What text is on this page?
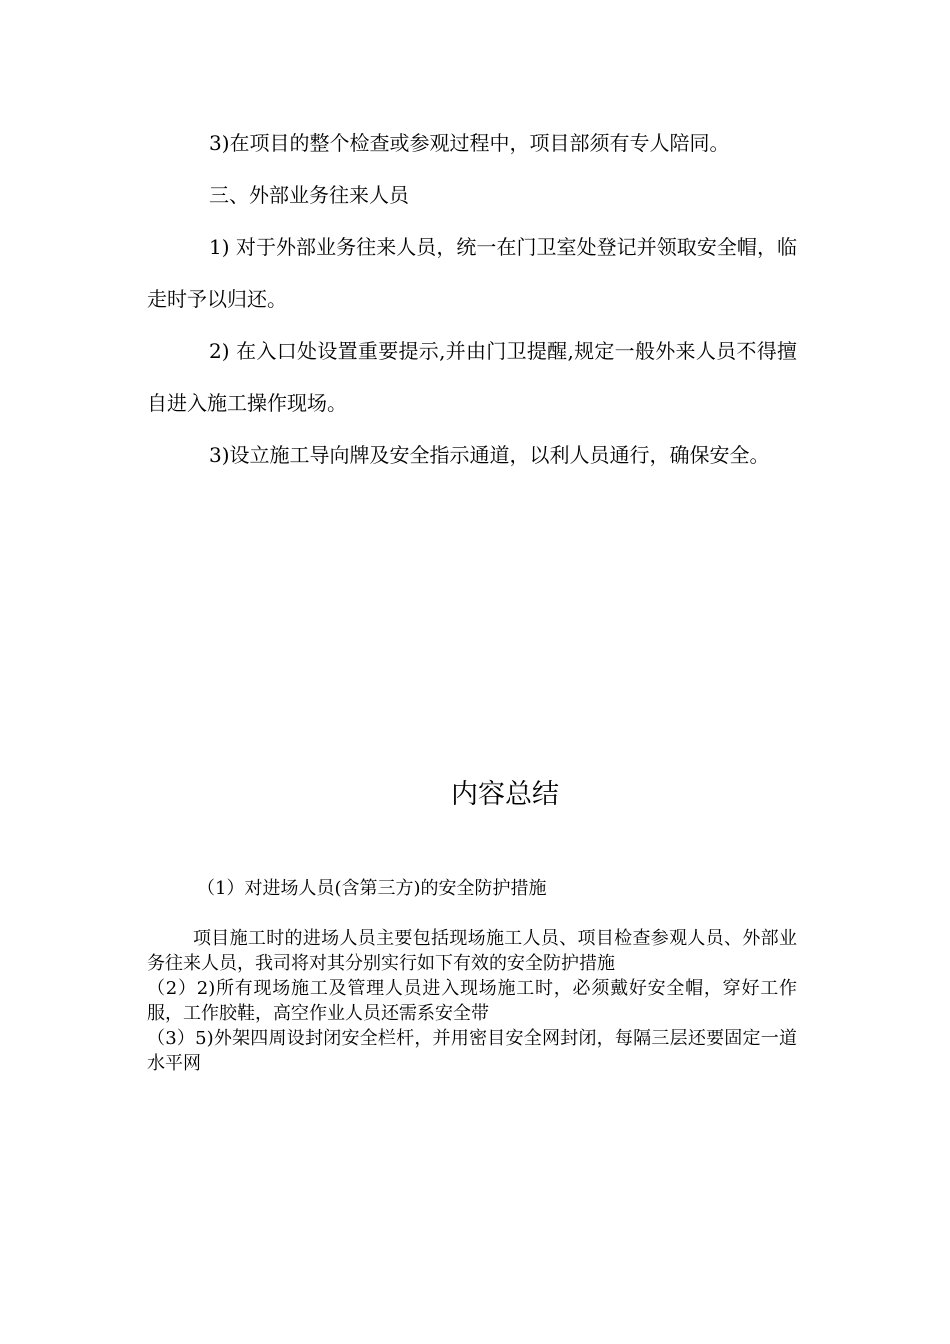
3)在项目的整个检查或参观过程中，项目部须有专人陪同。

三、外部业务往来人员

1) 对于外部业务往来人员，统一在门卫室处登记并领取安全帽，临走时予以归还。

2) 在入口处设置重要提示,并由门卫提醒,规定一般外来人员不得擅自进入施工操作现场。

3)设立施工导向牌及安全指示通道，以利人员通行，确保安全。

内容总结

（1）对进场人员(含第三方)的安全防护措施

项目施工时的进场人员主要包括现场施工人员、项目检查参观人员、外部业务往来人员，我司将对其分别实行如下有效的安全防护措施

（2）2)所有现场施工及管理人员进入现场施工时，必须戴好安全帽，穿好工作服，工作胶鞋，高空作业人员还需系安全带

（3）5)外架四周设封闭安全栏杆，并用密目安全网封闭，每隔三层还要固定一道水平网
